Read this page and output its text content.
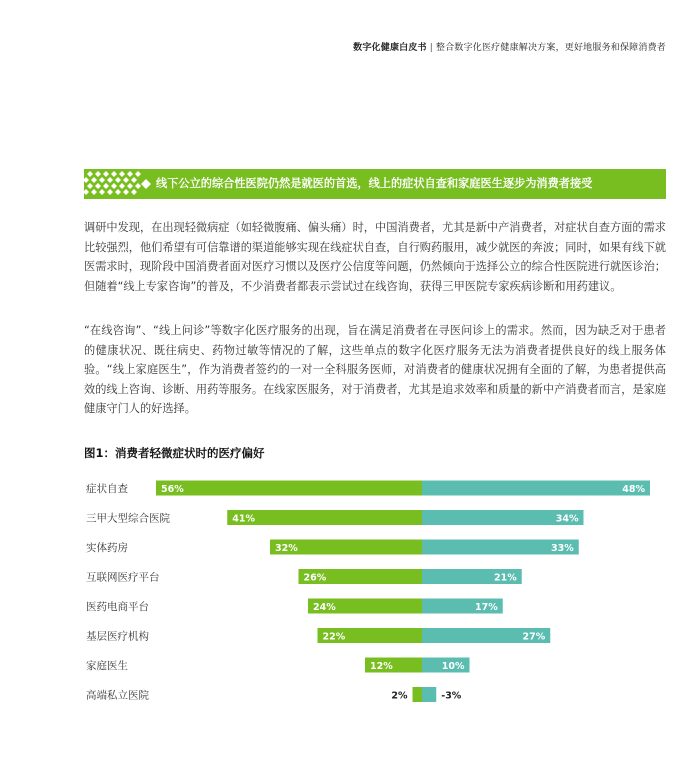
数字化健康白皮书 | 整合数字化医疗健康解决方案，更好地服务和保障消费者
线下公立的综合性医院仍然是就医的首选，线上的症状自查和家庭医生逐步为消费者接受

调研中发现，在出现轻微病症（如轻微腹痛、偏头痛）时，中国消费者，尤其是新中产消费者，对症状自查方面的需求比较强烈，他们希望有可信靠谱的渠道能够实现在线症状自查，自行购药服用，减少就医的奔波；同时，如果有线下就医需求时，现阶段中国消费者面对医疗习惯以及医疗公信度等问题，仍然倾向于选择公立的综合性医院进行就医诊治；但随着“线上专家咨询”的普及，不少消费者都表示尝试过在线咨询，获得三甲医院专家疾病诊断和用药建议。

“在线咨询”、“线上问诊”等数字化医疗服务的出现，旨在满足消费者在寻医问诊上的需求。然而，因为缺乏对于患者的健康状况、既往病史、药物过敏等情况的了解，这些单点的数字化医疗服务无法为消费者提供良好的线上服务体验。“线上家庭医生”，作为消费者签约的一对一全科服务医师，对消费者的健康状况拥有全面的了解，为患者提供高效的线上咨询、诊断、用药等服务。在线家医服务，对于消费者，尤其是追求效率和质量的新中产消费者而言，是家庭健康守门人的好选择。

图1：消费者轻微症状时的医疗偏好
症状自查	56%	48%
三甲大型综合医院	41%	34%
实体药房	32%	33%
互联网医疗平台	26%	21%
医药电商平台	24%	17%
基层医疗机构	22%	27%
家庭医生	12%	10%
高端私立医院	2%	-3%
